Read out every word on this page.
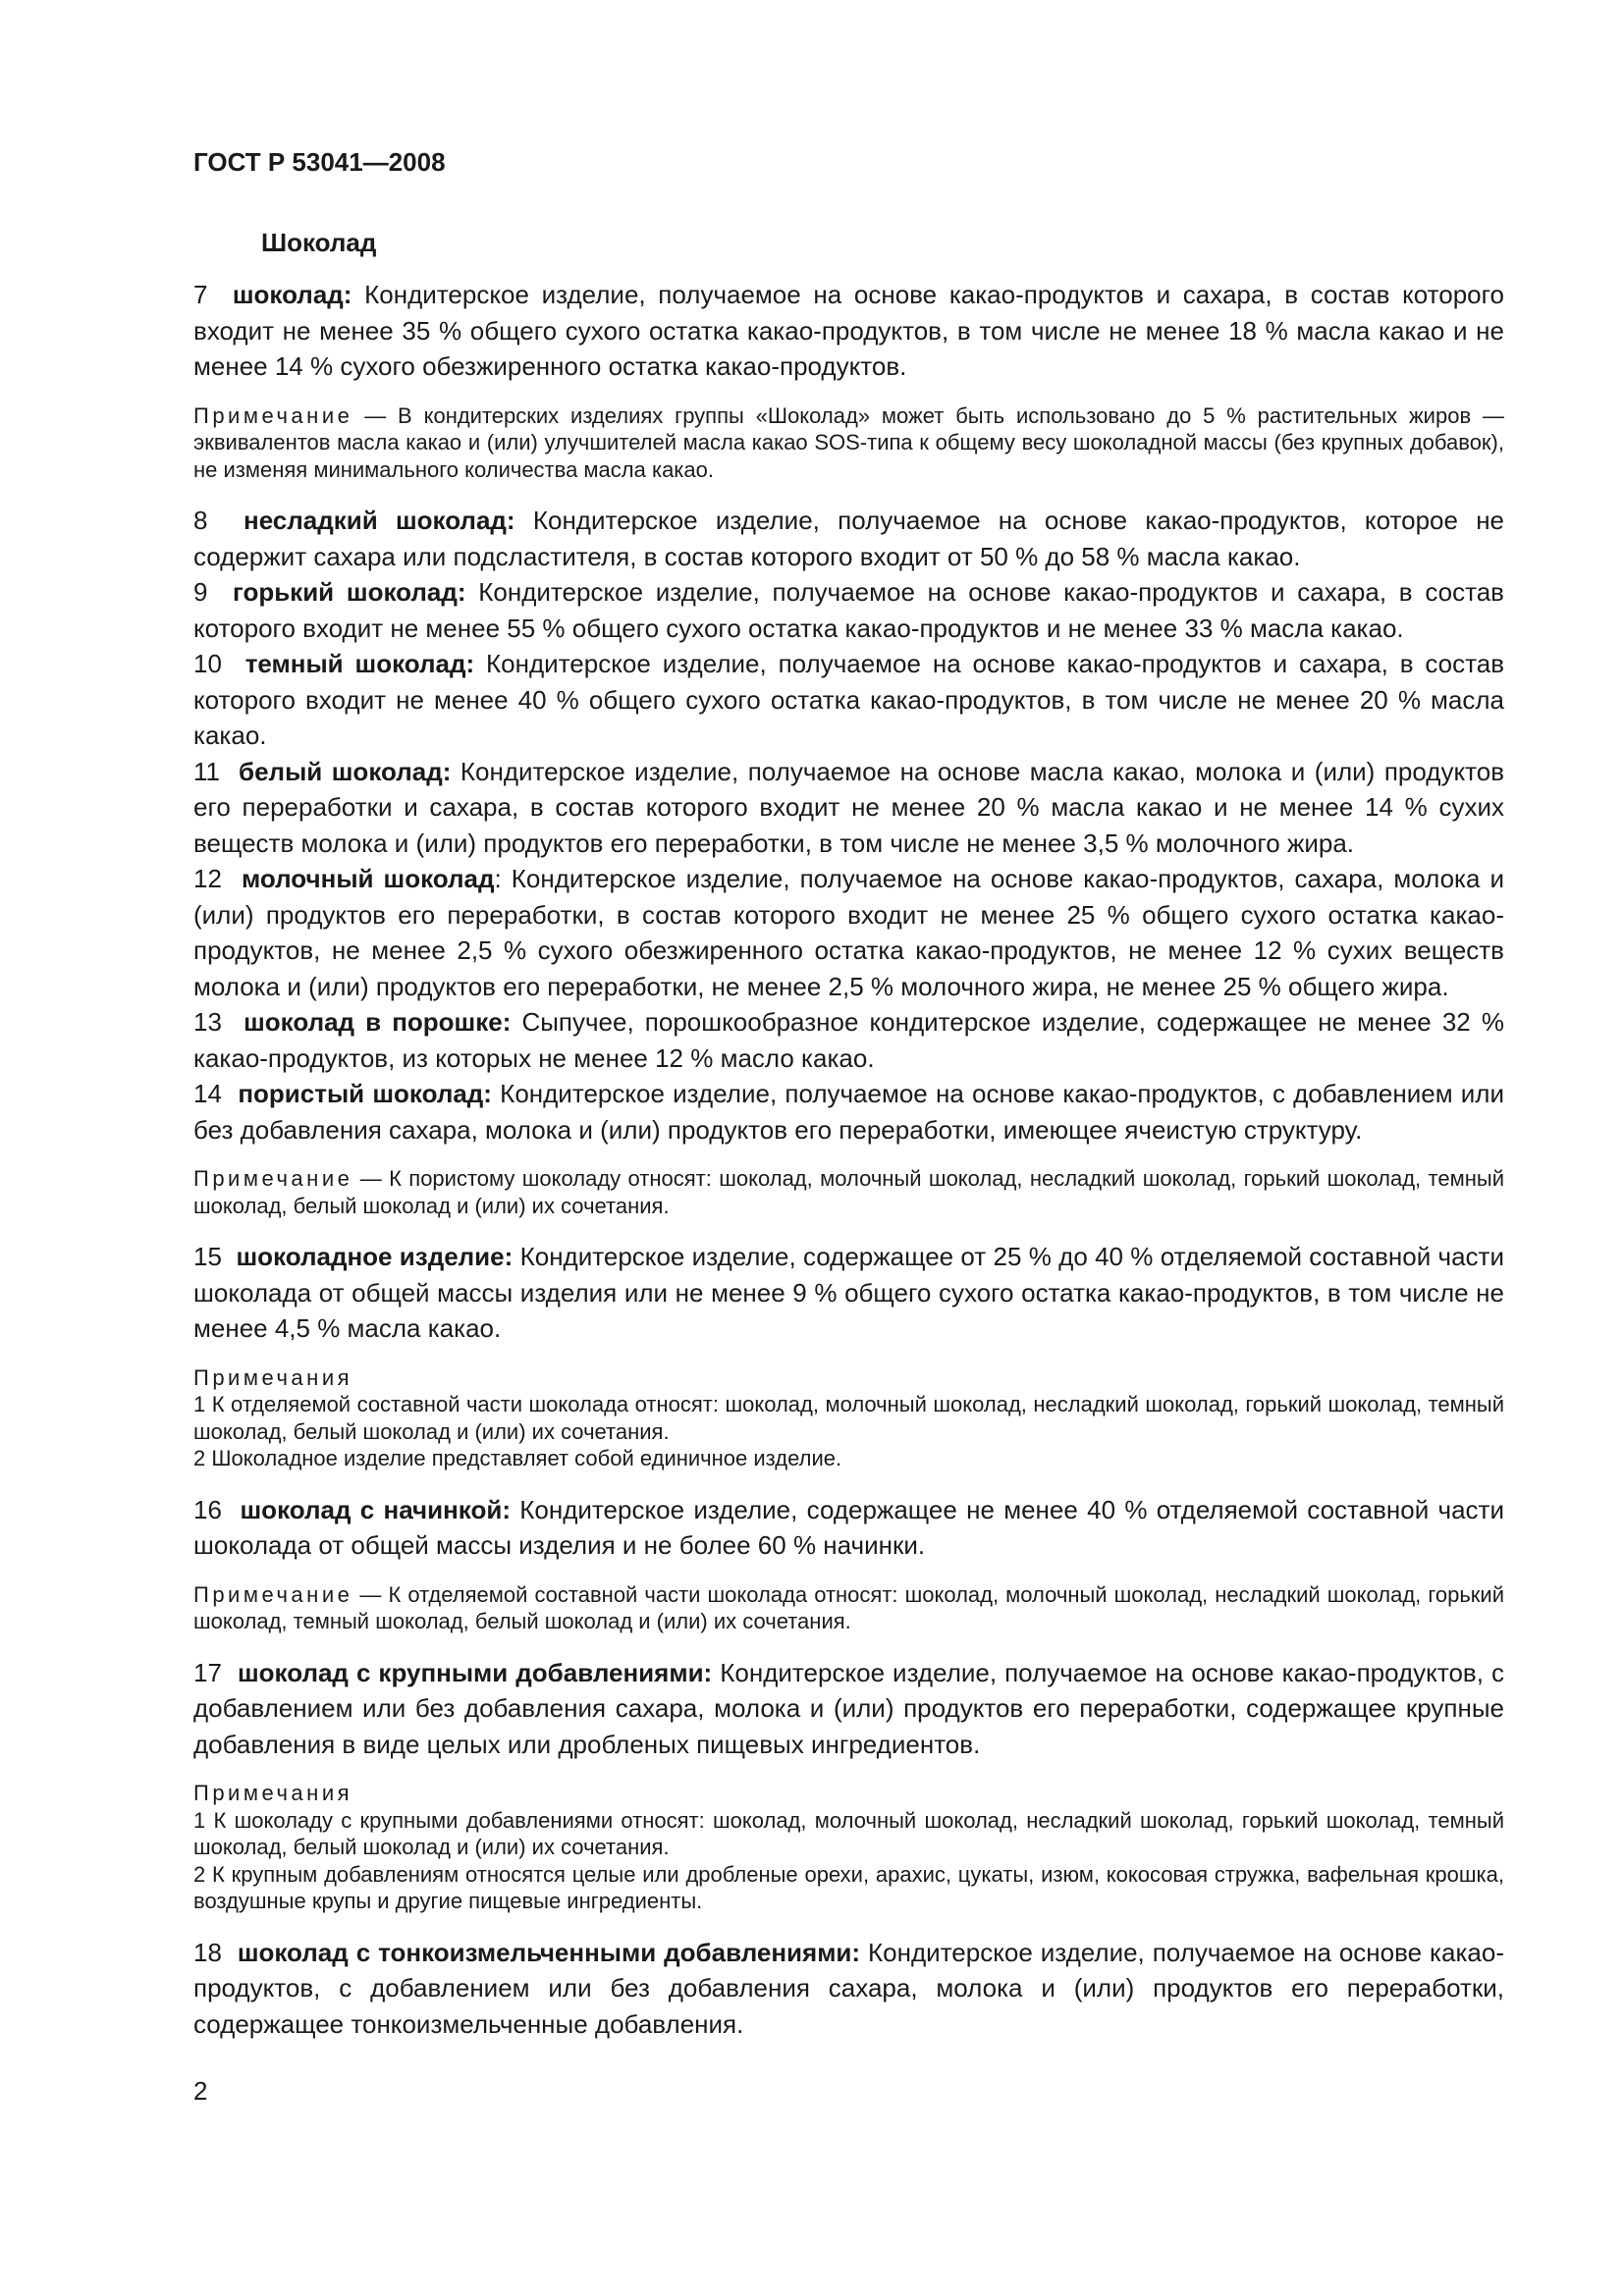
ГОСТ Р 53041—2008
Шоколад

7 шоколад: Кондитерское изделие, получаемое на основе какао-продуктов и сахара, в состав которого входит не менее 35 % общего сухого остатка какао-продуктов, в том числе не менее 18 % масла какао и не менее 14 % сухого обезжиренного остатка какао-продуктов.

Примечание — В кондитерских изделиях группы «Шоколад» может быть использовано до 5 % растительных жиров — эквивалентов масла какао и (или) улучшителей масла какао SOS-типа к общему весу шоколадной массы (без крупных добавок), не изменяя минимального количества масла какао.

8 несладкий шоколад: Кондитерское изделие, получаемое на основе какао-продуктов, которое не содержит сахара или подсластителя, в состав которого входит от 50 % до 58 % масла какао.

9 горький шоколад: Кондитерское изделие, получаемое на основе какао-продуктов и сахара, в состав которого входит не менее 55 % общего сухого остатка какао-продуктов и не менее 33 % масла какао.

10 темный шоколад: Кондитерское изделие, получаемое на основе какао-продуктов и сахара, в состав которого входит не менее 40 % общего сухого остатка какао-продуктов, в том числе не менее 20 % масла какао.

11 белый шоколад: Кондитерское изделие, получаемое на основе масла какао, молока и (или) продуктов его переработки и сахара, в состав которого входит не менее 20 % масла какао и не менее 14 % сухих веществ молока и (или) продуктов его переработки, в том числе не менее 3,5 % молочного жира.

12 молочный шоколад: Кондитерское изделие, получаемое на основе какао-продуктов, сахара, молока и (или) продуктов его переработки, в состав которого входит не менее 25 % общего сухого остатка какао-продуктов, не менее 2,5 % сухого обезжиренного остатка какао-продуктов, не менее 12 % сухих веществ молока и (или) продуктов его переработки, не менее 2,5 % молочного жира, не менее 25 % общего жира.

13 шоколад в порошке: Сыпучее, порошкообразное кондитерское изделие, содержащее не менее 32 % какао-продуктов, из которых не менее 12 % масло какао.

14 пористый шоколад: Кондитерское изделие, получаемое на основе какао-продуктов, с добавлением или без добавления сахара, молока и (или) продуктов его переработки, имеющее ячеистую структуру.

Примечание — К пористому шоколаду относят: шоколад, молочный шоколад, несладкий шоколад, горький шоколад, темный шоколад, белый шоколад и (или) их сочетания.

15 шоколадное изделие: Кондитерское изделие, содержащее от 25 % до 40 % отделяемой составной части шоколада от общей массы изделия или не менее 9 % общего сухого остатка какао-продуктов, в том числе не менее 4,5 % масла какао.

Примечания

1 К отделяемой составной части шоколада относят: шоколад, молочный шоколад, несладкий шоколад, горький шоколад, темный шоколад, белый шоколад и (или) их сочетания.

2 Шоколадное изделие представляет собой единичное изделие.

16 шоколад с начинкой: Кондитерское изделие, содержащее не менее 40 % отделяемой составной части шоколада от общей массы изделия и не более 60 % начинки.

Примечание — К отделяемой составной части шоколада относят: шоколад, молочный шоколад, несладкий шоколад, горький шоколад, темный шоколад, белый шоколад и (или) их сочетания.

17 шоколад с крупными добавлениями: Кондитерское изделие, получаемое на основе какао-продуктов, с добавлением или без добавления сахара, молока и (или) продуктов его переработки, содержащее крупные добавления в виде целых или дробленых пищевых ингредиентов.

Примечания

1 К шоколаду с крупными добавлениями относят: шоколад, молочный шоколад, несладкий шоколад, горький шоколад, темный шоколад, белый шоколад и (или) их сочетания.

2 К крупным добавлениям относятся целые или дробленые орехи, арахис, цукаты, изюм, кокосовая стружка, вафельная крошка, воздушные крупы и другие пищевые ингредиенты.

18 шоколад с тонкоизмельченными добавлениями: Кондитерское изделие, получаемое на основе какао-продуктов, с добавлением или без добавления сахара, молока и (или) продуктов его переработки, содержащее тонкоизмельченные добавления.

2
